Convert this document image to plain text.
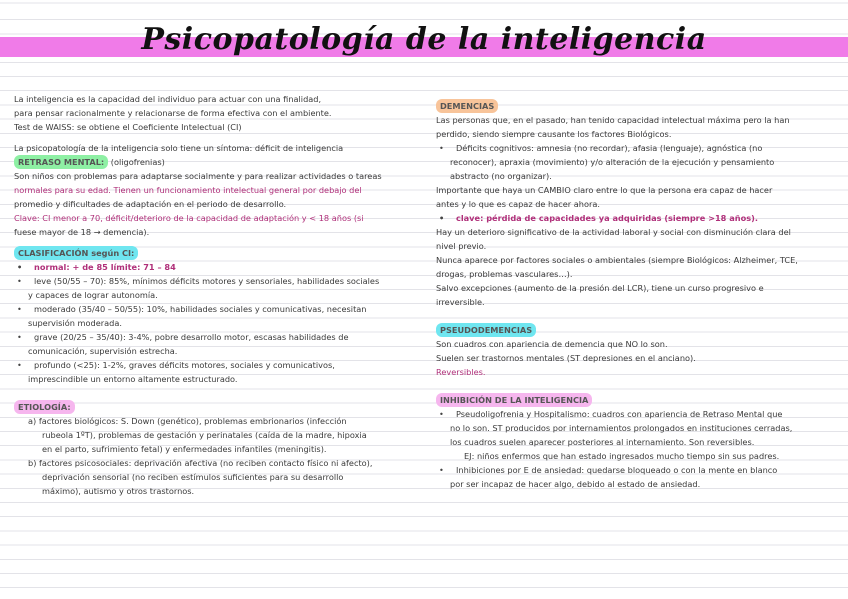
Psicopatología de la inteligencia

La inteligencia es la capacidad del individuo para actuar con una finalidad,

para pensar racionalmente y relacionarse de forma efectiva con el ambiente.

Test de WAISS: se obtiene el Coeficiente Intelectual (CI)

La psicopatología de la inteligencia solo tiene un síntoma: déficit de inteligencia

RETRASO MENTAL: (oligofrenias)

Son niños con problemas para adaptarse socialmente y para realizar actividades o tareas

normales para su edad. Tienen un funcionamiento intelectual general por debajo del

promedio y dificultades de adaptación en el periodo de desarrollo.

Clave: CI menor a 70, déficit/deterioro de la capacidad de adaptación y < 18 años (si

fuese mayor de 18 → demencia).

CLASIFICACIÓN según CI:

• normal: + de 85 límite: 71 – 84
• leve (50/55 – 70): 85%, mínimos déficits motores y sensoriales, habilidades sociales

y capaces de lograr autonomía.

• moderado (35/40 – 50/55): 10%, habilidades sociales y comunicativas, necesitan

supervisión moderada.

• grave (20/25 – 35/40): 3-4%, pobre desarrollo motor, escasas habilidades de

comunicación, supervisión estrecha.

• profundo (<25): 1-2%, graves déficits motores, sociales y comunicativos,

imprescindible un entorno altamente estructurado.

ETIOLOGÍA:

a) factores biológicos: S. Down (genético), problemas embrionarios (infección

rubeola 1ºT), problemas de gestación y perinatales (caída de la madre, hipoxia

en el parto, sufrimiento fetal) y enfermedades infantiles (meningitis).

b) factores psicosociales: deprivación afectiva (no reciben contacto físico ni afecto),

deprivación sensorial (no reciben estímulos suficientes para su desarrollo

máximo), autismo y otros trastornos.

DEMENCIAS

Las personas que, en el pasado, han tenido capacidad intelectual máxima pero la han

perdido, siendo siempre causante los factores Biológicos.

• Déficits cognitivos: amnesia (no recordar), afasia (lenguaje), agnóstica (no

reconocer), apraxia (movimiento) y/o alteración de la ejecución y pensamiento

abstracto (no organizar).

Importante que haya un CAMBIO claro entre lo que la persona era capaz de hacer

antes y lo que es capaz de hacer ahora.

• clave: pérdida de capacidades ya adquiridas (siempre >18 años).

Hay un deterioro significativo de la actividad laboral y social con disminución clara del

nivel previo.

Nunca aparece por factores sociales o ambientales (siempre Biológicos: Alzheimer, TCE,

drogas, problemas vasculares…).

Salvo excepciones (aumento de la presión del LCR), tiene un curso progresivo e

irreversible.

PSEUDODEMENCIAS

Son cuadros con apariencia de demencia que NO lo son.

Suelen ser trastornos mentales (ST depresiones en el anciano).

Reversibles.

INHIBICIÓN DE LA INTELIGENCIA

• Pseudoligofrenia y Hospitalismo: cuadros con apariencia de Retraso Mental que

no lo son. ST producidos por internamientos prolongados en instituciones cerradas,

los cuadros suelen aparecer posteriores al internamiento. Son reversibles.

EJ: niños enfermos que han estado ingresados mucho tiempo sin sus padres.

• Inhibiciones por E de ansiedad: quedarse bloqueado o con la mente en blanco

por ser incapaz de hacer algo, debido al estado de ansiedad.
